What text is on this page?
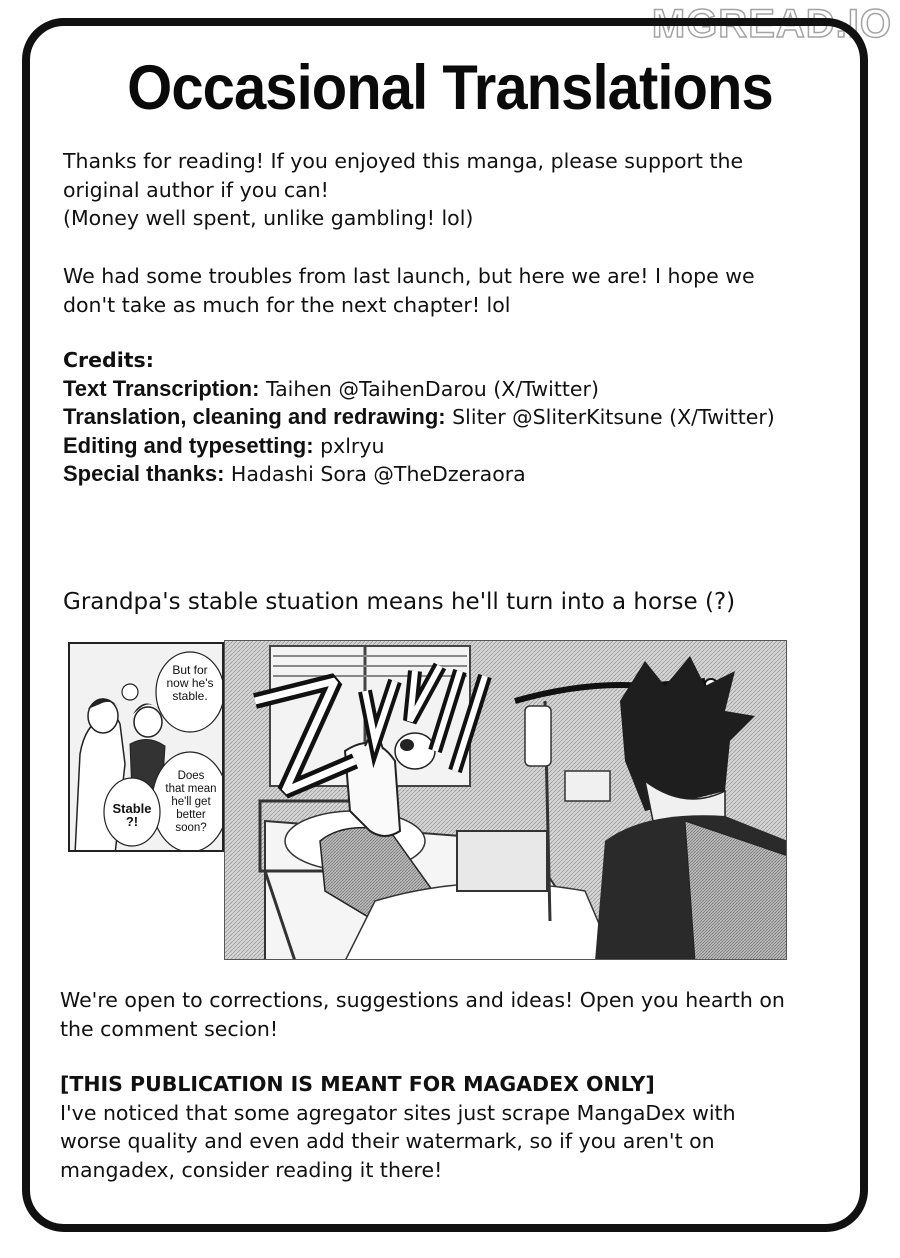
MGREAD.IO
Occasional Translations
Thanks for reading! If you enjoyed this manga, please support the
original author if you can!
(Money well spent, unlike gambling! lol)
We had some troubles from last launch, but here we are! I hope we
don't take as much for the next chapter! lol
Credits:
Text Transcription: Taihen @TaihenDarou (X/Twitter)
Translation, cleaning and redrawing: Sliter @SliterKitsune (X/Twitter)
Editing and typesetting: pxlryu
Special thanks: Hadashi Sora @TheDzeraora
Grandpa's stable stuation means he'll turn into a horse (?)
But for
now he's
stable.
Does
that mean
he'll get
better
soon?
Stable
?!
We're open to corrections, suggestions and ideas! Open you hearth on
the comment secion!
[THIS PUBLICATION IS MEANT FOR MAGADEX ONLY]
I've noticed that some agregator sites just scrape MangaDex with
worse quality and even add their watermark, so if you aren't on
mangadex, consider reading it there!
